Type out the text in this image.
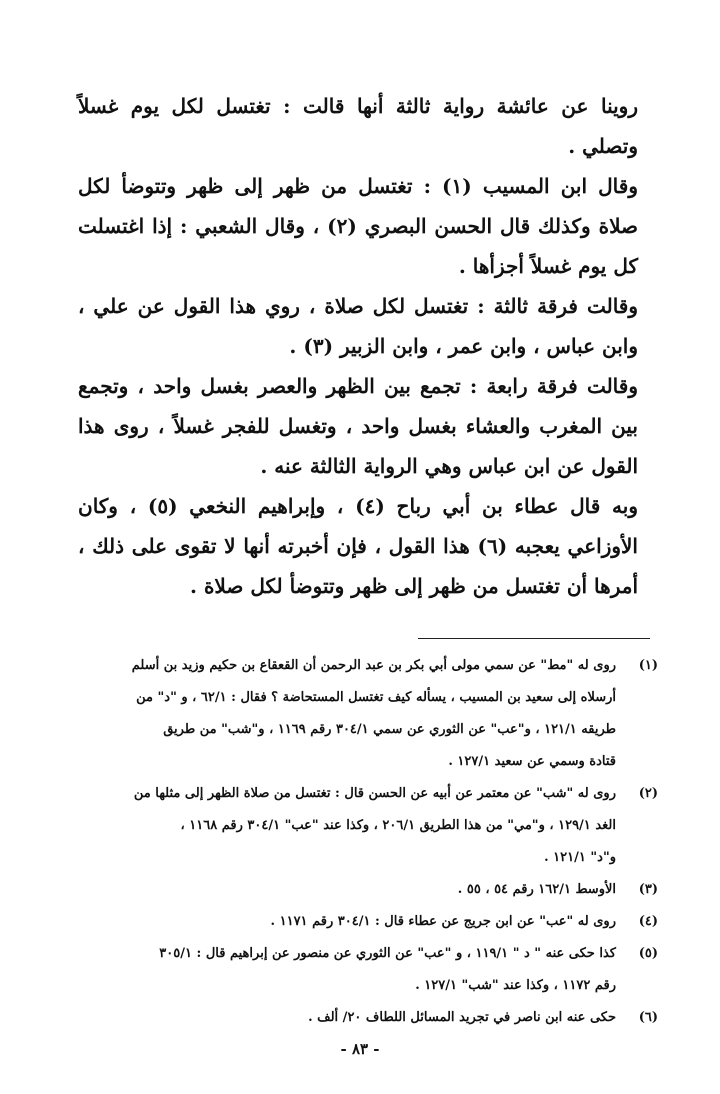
روينا عن عائشة رواية ثالثة أنها قالت : تغتسل لكل يوم غسلاً وتصلي .
وقال ابن المسيب (١) : تغتسل من ظهر إلى ظهر وتتوضأ لكل صلاة وكذلك قال الحسن البصري (٢) ، وقال الشعبي : إذا اغتسلت كل يوم غسلاً أجزأها .
وقالت فرقة ثالثة : تغتسل لكل صلاة ، روي هذا القول عن علي ، وابن عباس ، وابن عمر ، وابن الزبير (٣) .
وقالت فرقة رابعة : تجمع بين الظهر والعصر بغسل واحد ، وتجمع بين المغرب والعشاء بغسل واحد ، وتغسل للفجر غسلاً ، روى هذا القول عن ابن عباس وهي الرواية الثالثة عنه .
وبه قال عطاء بن أبي رباح (٤) ، وإبراهيم النخعي (٥) ، وكان الأوزاعي يعجبه (٦) هذا القول ، فإن أخبرته أنها لا تقوى على ذلك ، أمرها أن تغتسل من ظهر إلى ظهر وتتوضأ لكل صلاة .
(١)
روى له "مط" عن سمي مولى أبي بكر بن عبد الرحمن أن القعقاع بن حكيم وزيد بن أسلم
أرسلاه إلى سعيد بن المسيب ، يسأله كيف تغتسل المستحاضة ؟ فقال : ٦٢/١ ، و "د" من
طريقه ١٢١/١ ، و"عب" عن الثوري عن سمي ٣٠٤/١ رقم ١١٦٩ ، و"شب" من طريق
قتادة وسمي عن سعيد ١٢٧/١ .
(٢)
روى له "شب" عن معتمر عن أبيه عن الحسن قال : تغتسل من صلاة الظهر إلى مثلها من
الغد ١٢٩/١ ، و"مي" من هذا الطريق ٢٠٦/١ ، وكذا عند "عب" ٣٠٤/١ رقم ١١٦٨ ،
و"د" ١٢١/١ .
(٣)
الأوسط ١٦٢/١ رقم ٥٤ ، ٥٥ .
(٤)
روى له "عب" عن ابن جريج عن عطاء قال : ٣٠٤/١ رقم ١١٧١ .
(٥)
كذا حكى عنه " د " ١١٩/١ ، و "عب" عن الثوري عن منصور عن إبراهيم قال : ٣٠٥/١
رقم ١١٧٢ ، وكذا عند "شب" ١٢٧/١ .
(٦)
حكى عنه ابن ناصر في تجريد المسائل اللطاف ٢٠/ ألف .
- ٨٣ -
